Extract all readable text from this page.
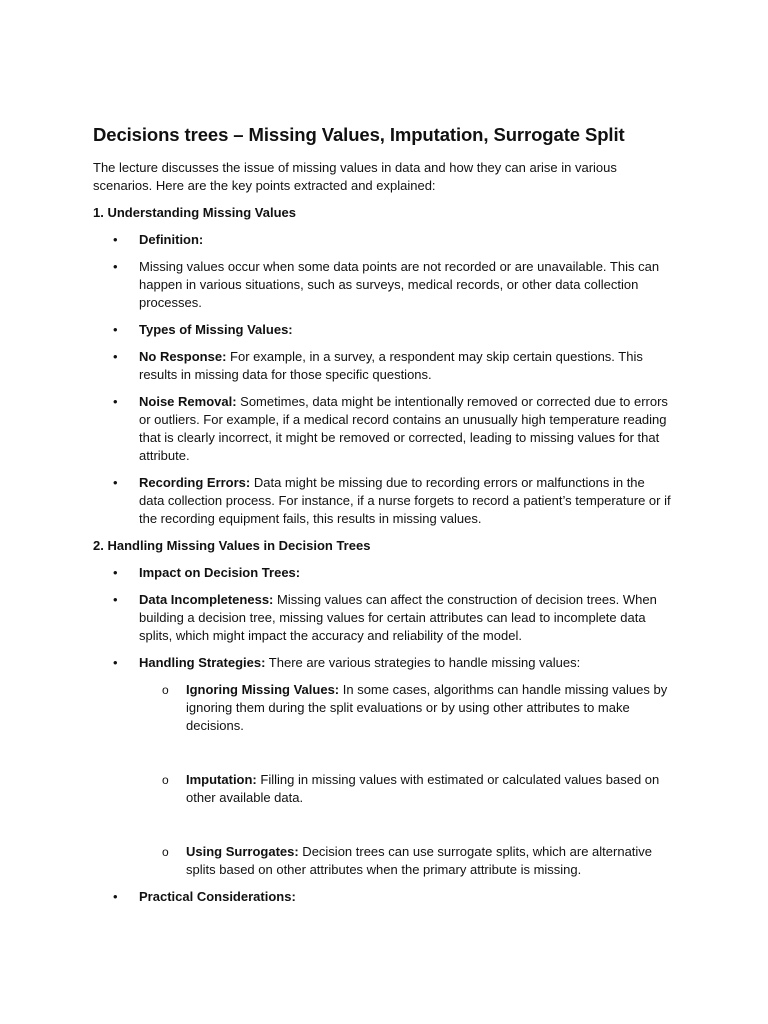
Decisions trees – Missing Values, Imputation, Surrogate Split

The lecture discusses the issue of missing values in data and how they can arise in various scenarios. Here are the key points extracted and explained:

1. Understanding Missing Values
• Definition:
• Missing values occur when some data points are not recorded or are unavailable. This can happen in various situations, such as surveys, medical records, or other data collection processes.
• Types of Missing Values:
• No Response: For example, in a survey, a respondent may skip certain questions. This results in missing data for those specific questions.
• Noise Removal: Sometimes, data might be intentionally removed or corrected due to errors or outliers. For example, if a medical record contains an unusually high temperature reading that is clearly incorrect, it might be removed or corrected, leading to missing values for that attribute.
• Recording Errors: Data might be missing due to recording errors or malfunctions in the data collection process. For instance, if a nurse forgets to record a patient’s temperature or if the recording equipment fails, this results in missing values.
2. Handling Missing Values in Decision Trees
• Impact on Decision Trees:
• Data Incompleteness: Missing values can affect the construction of decision trees. When building a decision tree, missing values for certain attributes can lead to incomplete data splits, which might impact the accuracy and reliability of the model.
• Handling Strategies: There are various strategies to handle missing values:
o Ignoring Missing Values: In some cases, algorithms can handle missing values by ignoring them during the split evaluations or by using other attributes to make decisions.
o Imputation: Filling in missing values with estimated or calculated values based on other available data.
o Using Surrogates: Decision trees can use surrogate splits, which are alternative splits based on other attributes when the primary attribute is missing.
• Practical Considerations:
